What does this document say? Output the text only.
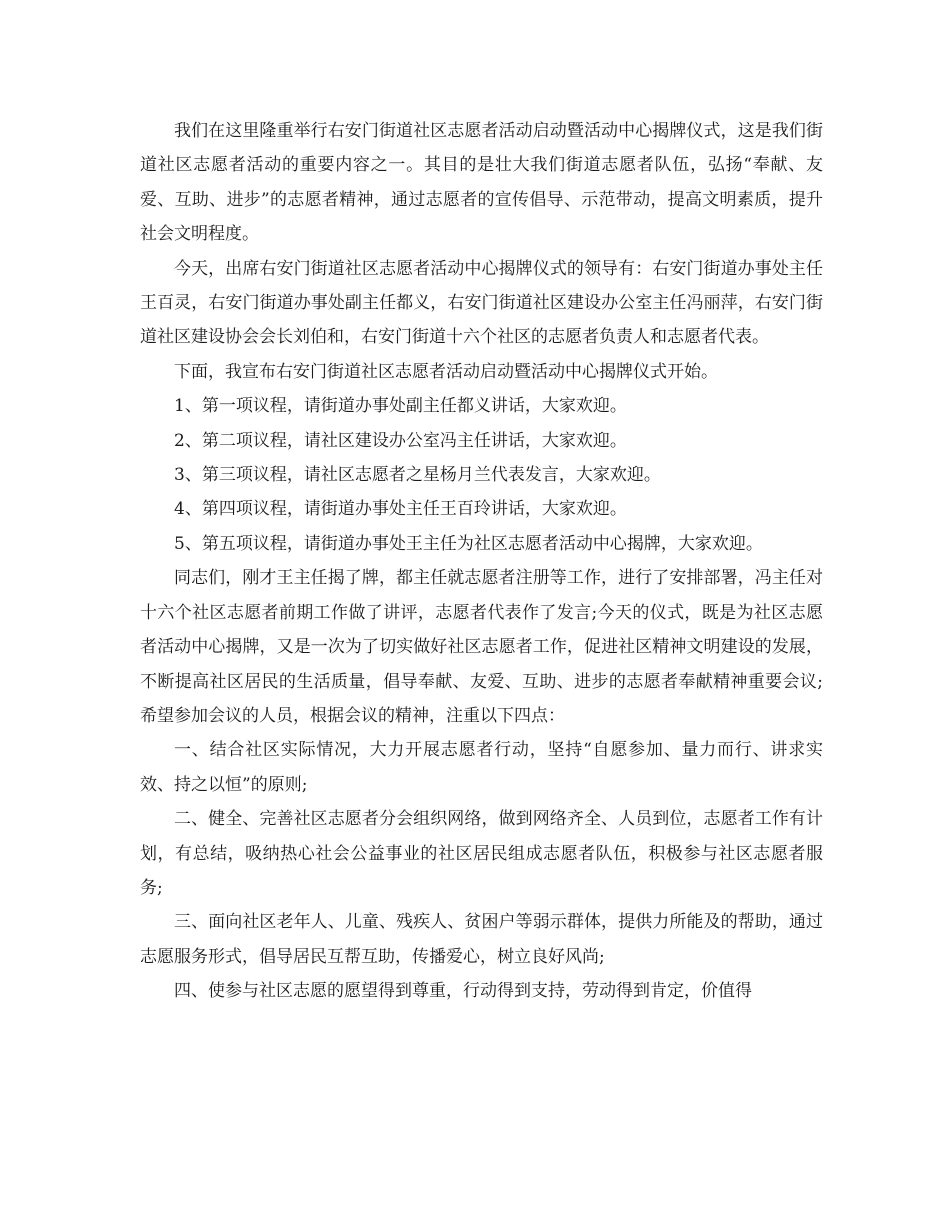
我们在这里隆重举行右安门街道社区志愿者活动启动暨活动中心揭牌仪式，这是我们街道社区志愿者活动的重要内容之一。其目的是壮大我们街道志愿者队伍，弘扬“奉献、友爱、互助、进步”的志愿者精神，通过志愿者的宣传倡导、示范带动，提高文明素质，提升社会文明程度。

今天，出席右安门街道社区志愿者活动中心揭牌仪式的领导有：右安门街道办事处主任王百灵，右安门街道办事处副主任都义，右安门街道社区建设办公室主任冯丽萍，右安门街道社区建设协会会长刘伯和，右安门街道十六个社区的志愿者负责人和志愿者代表。

下面，我宣布右安门街道社区志愿者活动启动暨活动中心揭牌仪式开始。

1、第一项议程，请街道办事处副主任都义讲话，大家欢迎。

2、第二项议程，请社区建设办公室冯主任讲话，大家欢迎。

3、第三项议程，请社区志愿者之星杨月兰代表发言，大家欢迎。

4、第四项议程，请街道办事处主任王百玲讲话，大家欢迎。

5、第五项议程，请街道办事处王主任为社区志愿者活动中心揭牌，大家欢迎。

同志们，刚才王主任揭了牌，都主任就志愿者注册等工作，进行了安排部署，冯主任对十六个社区志愿者前期工作做了讲评，志愿者代表作了发言;今天的仪式，既是为社区志愿者活动中心揭牌，又是一次为了切实做好社区志愿者工作，促进社区精神文明建设的发展，不断提高社区居民的生活质量，倡导奉献、友爱、互助、进步的志愿者奉献精神重要会议;希望参加会议的人员，根据会议的精神，注重以下四点：

一、结合社区实际情况，大力开展志愿者行动，坚持“自愿参加、量力而行、讲求实效、持之以恒”的原则;

二、健全、完善社区志愿者分会组织网络，做到网络齐全、人员到位，志愿者工作有计划，有总结，吸纳热心社会公益事业的社区居民组成志愿者队伍，积极参与社区志愿者服务;

三、面向社区老年人、儿童、残疾人、贫困户等弱示群体，提供力所能及的帮助，通过志愿服务形式，倡导居民互帮互助，传播爱心，树立良好风尚;

四、使参与社区志愿的愿望得到尊重，行动得到支持，劳动得到肯定，价值得
